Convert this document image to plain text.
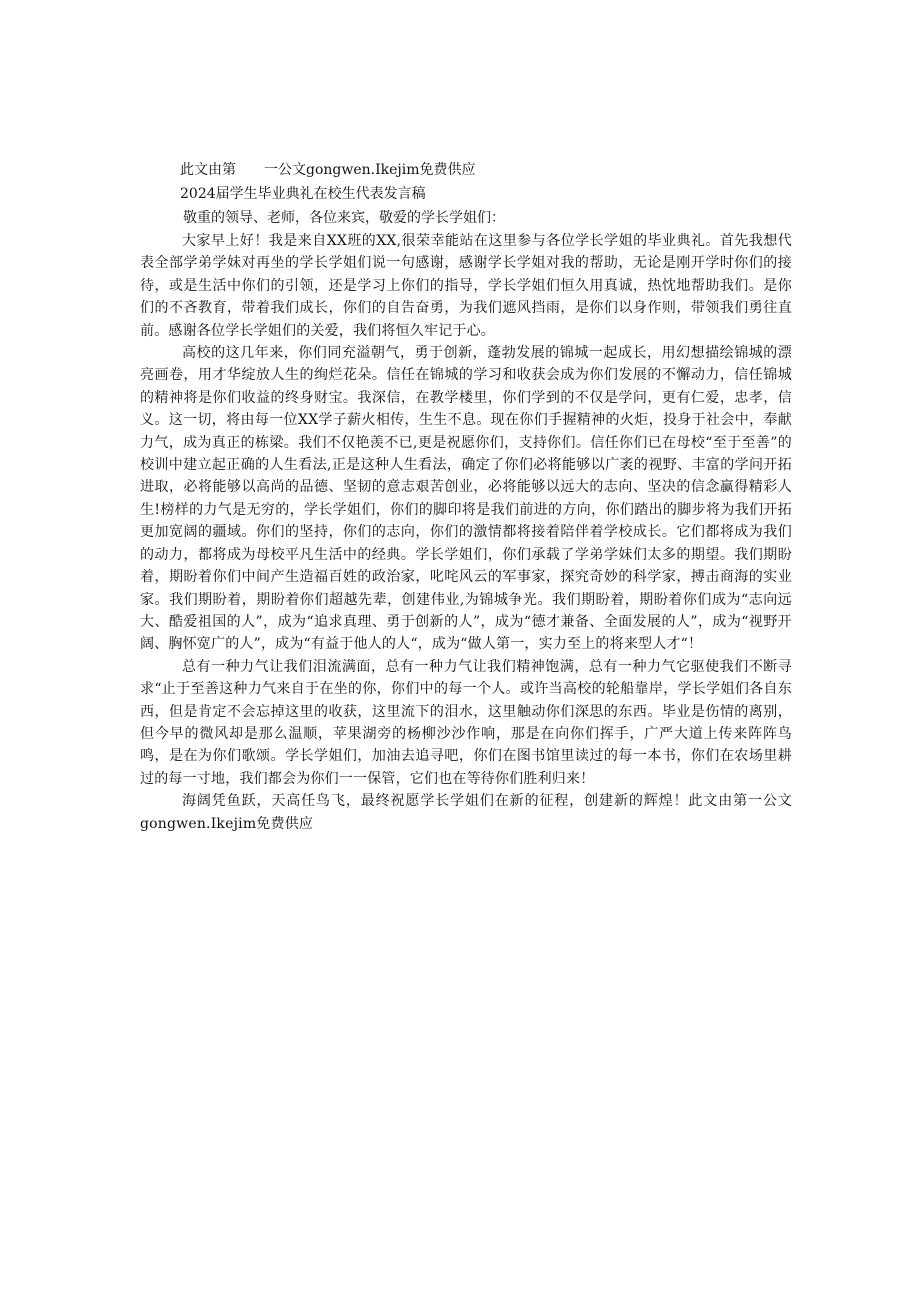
此文由第 一公文gongwen.Ikejim免费供应

2024届学生毕业典礼在校生代表发言稿

敬重的领导、老师，各位来宾，敬爱的学长学姐们：

大家早上好！我是来自XX班的XX,很荣幸能站在这里参与各位学长学姐的毕业典礼。首先我想代表全部学弟学妹对再坐的学长学姐们说一句感谢，感谢学长学姐对我的帮助，无论是刚开学时你们的接待，或是生活中你们的引领，还是学习上你们的指导，学长学姐们恒久用真诚，热忱地帮助我们。是你们的不吝教育，带着我们成长，你们的自告奋勇，为我们遮风挡雨，是你们以身作则，带领我们勇往直前。感谢各位学长学姐们的关爱，我们将恒久牢记于心。

高校的这几年来，你们同充溢朝气，勇于创新，蓬勃发展的锦城一起成长，用幻想描绘锦城的漂亮画卷，用才华绽放人生的绚烂花朵。信任在锦城的学习和收获会成为你们发展的不懈动力，信任锦城的精神将是你们收益的终身财宝。我深信，在教学楼里，你们学到的不仅是学问，更有仁爱，忠孝，信义。这一切，将由每一位XX学子薪火相传，生生不息。现在你们手握精神的火炬，投身于社会中，奉献力气，成为真正的栋梁。我们不仅艳羡不已,更是祝愿你们，支持你们。信任你们已在母校“至于至善”的校训中建立起正确的人生看法,正是这种人生看法，确定了你们必将能够以广袤的视野、丰富的学问开拓进取，必将能够以高尚的品德、坚韧的意志艰苦创业，必将能够以远大的志向、坚决的信念赢得精彩人生!榜样的力气是无穷的，学长学姐们，你们的脚印将是我们前进的方向，你们踏出的脚步将为我们开拓更加宽阔的疆域。你们的坚持，你们的志向，你们的激情都将接着陪伴着学校成长。它们都将成为我们的动力，都将成为母校平凡生活中的经典。学长学姐们，你们承载了学弟学妹们太多的期望。我们期盼着，期盼着你们中间产生造福百姓的政治家，叱咤风云的军事家，探究奇妙的科学家，搏击商海的实业家。我们期盼着，期盼着你们超越先辈，创建伟业,为锦城争光。我们期盼着，期盼着你们成为“志向远大、酷爱祖国的人”，成为“追求真理、勇于创新的人”，成为“德才兼备、全面发展的人”，成为“视野开阔、胸怀宽广的人”，成为“有益于他人的人“，成为“做人第一，实力至上的将来型人才“！

总有一种力气让我们泪流满面，总有一种力气让我们精神饱满，总有一种力气它驱使我们不断寻求“止于至善这种力气来自于在坐的你，你们中的每一个人。或许当高校的轮船靠岸，学长学姐们各自东西，但是肯定不会忘掉这里的收获，这里流下的泪水，这里触动你们深思的东西。毕业是伤情的离别，但今早的微风却是那么温顺，苹果湖旁的杨柳沙沙作响，那是在向你们挥手，广严大道上传来阵阵鸟鸣，是在为你们歌颂。学长学姐们，加油去追寻吧，你们在图书馆里读过的每一本书，你们在农场里耕过的每一寸地，我们都会为你们一一保管，它们也在等待你们胜利归来！

海阔凭鱼跃，天高任鸟飞，最终祝愿学长学姐们在新的征程，创建新的辉煌！此文由第一公文gongwen.Ikejim免费供应
